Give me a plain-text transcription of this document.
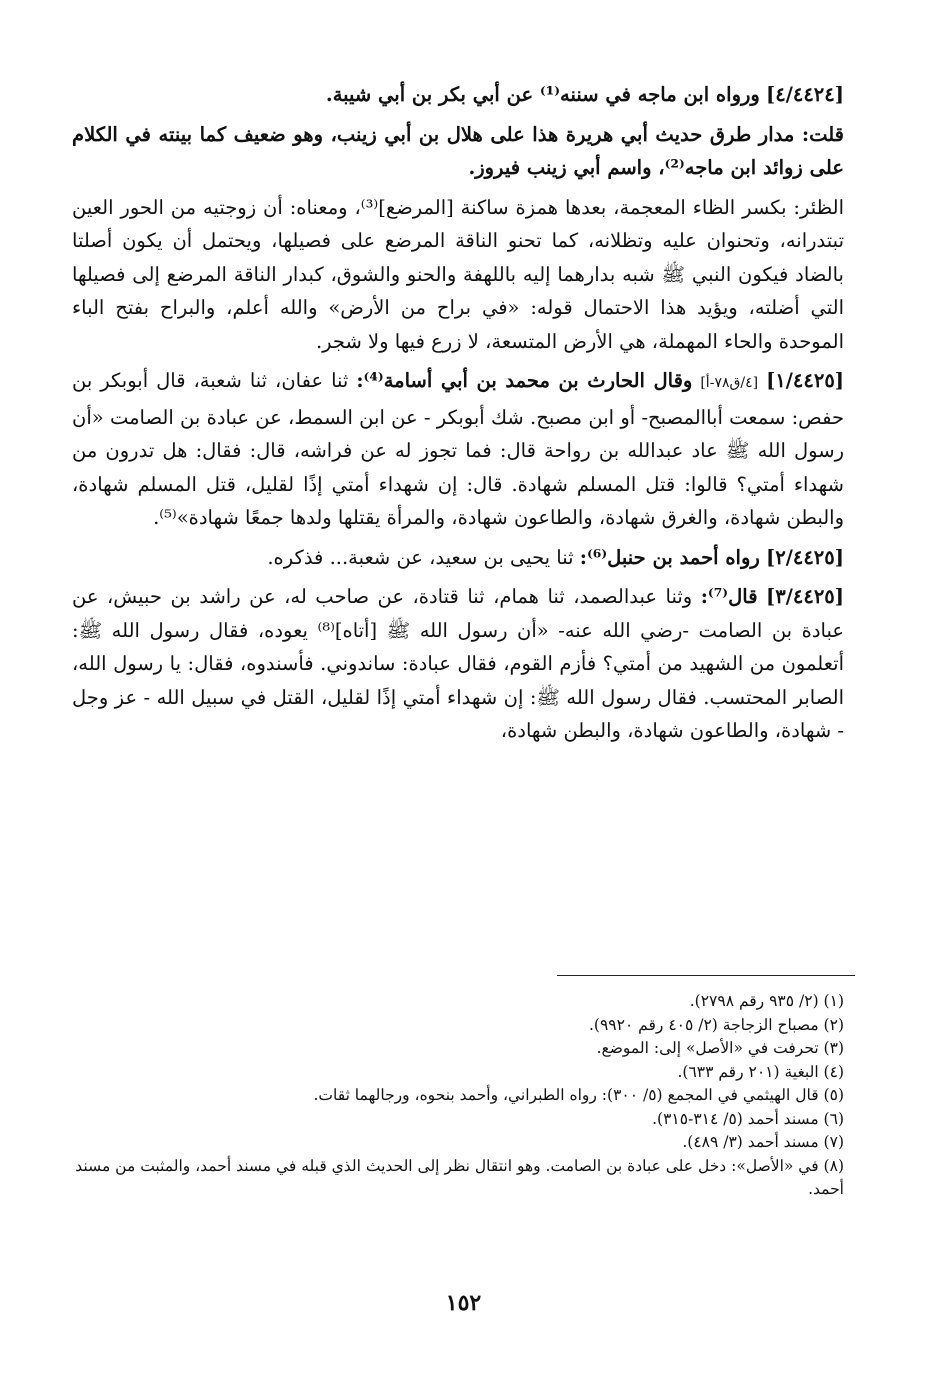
[٤/٤٤٢٤] ورواه ابن ماجه في سننه⁽¹⁾ عن أبي بكر بن أبي شيبة.

قلت: مدار طرق حديث أبي هريرة هذا على هلال بن أبي زينب، وهو ضعيف كما بينته في الكلام على زوائد ابن ماجه⁽²⁾، واسم أبي زينب فيروز.

الظئر: بكسر الظاء المعجمة، بعدها همزة ساكنة [المرضع]⁽³⁾، ومعناه: أن زوجتيه من الحور العين تبتدرانه، وتحنوان عليه وتظلانه، كما تحنو الناقة المرضع على فصيلها، ويحتمل أن يكون أصلتا بالضاد فيكون النبي ﷺ شبه بدارهما إليه باللهفة والحنو والشوق، كبدار الناقة المرضع إلى فصيلها التي أضلته، ويؤيد هذا الاحتمال قوله: «في براح من الأرض» والله أعلم، والبراح بفتح الباء الموحدة والحاء المهملة، هي الأرض المتسعة، لا زرع فيها ولا شجر.

[١/٤٤٢٥] [٤/ق٧٨-أ] وقال الحارث بن محمد بن أبي أسامة⁽⁴⁾: ثنا عفان، ثنا شعبة، قال أبوبكر بن حفص: سمعت أباالمصبح- أو ابن مصبح. شك أبوبكر - عن ابن السمط، عن عبادة بن الصامت «أن رسول الله ﷺ عاد عبدالله بن رواحة قال: فما تجوز له عن فراشه، قال: فقال: هل تدرون من شهداء أمتي؟ قالوا: قتل المسلم شهادة. قال: إن شهداء أمتي إذًا لقليل، قتل المسلم شهادة، والبطن شهادة، والغرق شهادة، والطاعون شهادة، والمرأة يقتلها ولدها جمعًا شهادة»⁽⁵⁾.

[٢/٤٤٢٥] رواه أحمد بن حنبل⁽⁶⁾: ثنا يحيى بن سعيد، عن شعبة... فذكره.

[٣/٤٤٢٥] قال⁽⁷⁾: وثنا عبدالصمد، ثنا همام، ثنا قتادة، عن صاحب له، عن راشد بن حبيش، عن عبادة بن الصامت -رضي الله عنه- «أن رسول الله ﷺ [أتاه]⁽⁸⁾ يعوده، فقال رسول الله ﷺ: أتعلمون من الشهيد من أمتي؟ فأزم القوم، فقال عبادة: ساندوني. فأسندوه، فقال: يا رسول الله، الصابر المحتسب. فقال رسول الله ﷺ: إن شهداء أمتي إذًا لقليل، القتل في سبيل الله - عز وجل - شهادة، والطاعون شهادة، والبطن شهادة،

(١) (٢/ ٩٣٥ رقم ٢٧٩٨).

(٢) مصباح الزجاجة (٢/ ٤٠٥ رقم ٩٩٢٠).

(٣) تحرفت في «الأصل» إلى: الموضع.

(٤) البغية (٢٠١ رقم ٦٣٣).

(٥) قال الهيثمي في المجمع (٥/ ٣٠٠): رواه الطبراني، وأحمد بنحوه، ورجالهما ثقات.

(٦) مسند أحمد (٥/ ٣١٤-٣١٥).

(٧) مسند أحمد (٣/ ٤٨٩).

(٨) في «الأصل»: دخل على عبادة بن الصامت. وهو انتقال نظر إلى الحديث الذي قبله في مسند أحمد، والمثبت من مسند أحمد.

١٥٢
